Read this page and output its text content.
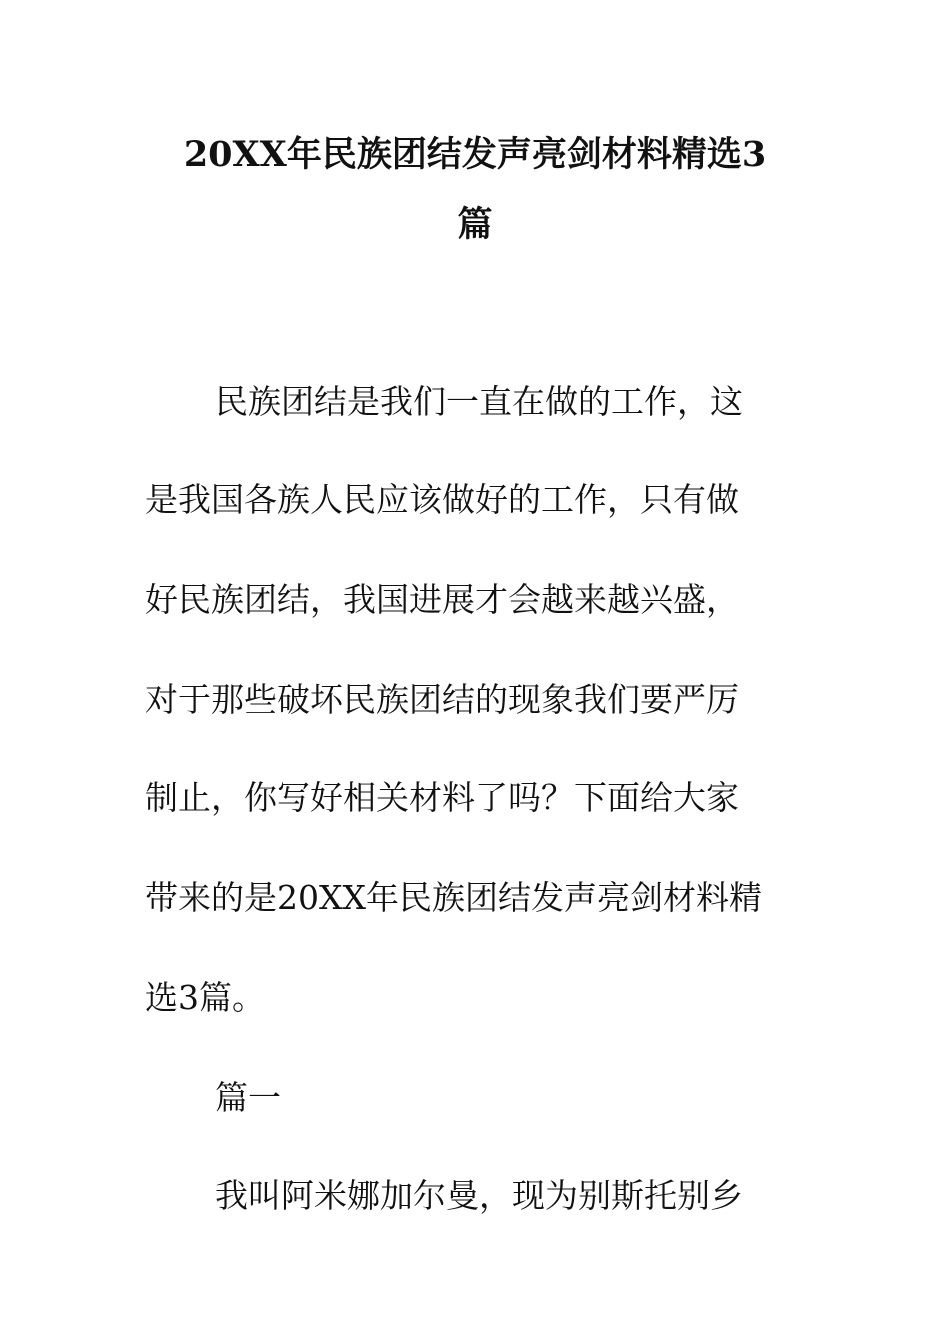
20XX年民族团结发声亮剑材料精选3
篇
民族团结是我们一直在做的工作，这
是我国各族人民应该做好的工作，只有做
好民族团结，我国进展才会越来越兴盛，
对于那些破坏民族团结的现象我们要严厉
制止，你写好相关材料了吗？下面给大家
带来的是20XX年民族团结发声亮剑材料精
选3篇。
篇一
我叫阿米娜加尔曼，现为别斯托别乡
